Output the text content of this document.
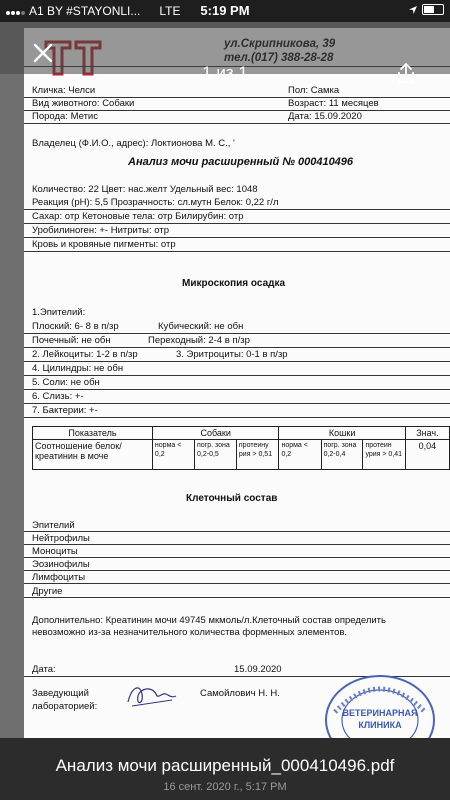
Кличка: Челси	Пол: Самка
Вид животного: Собаки	Возраст: 11 месяцев
Порода: Метис	Дата: 15.09.2020
Владелец (Ф.И.О., адрес): Локтионова М. С., '
Анализ мочи расширенный № 000410496
Количество: 22 Цвет: нас.желт Удельный вес: 1048
Реакция (pH): 5,5 Прозрачность: сл.мутн Белок: 0,22 г/л
Сахар: отр Кетоновые тела: отр Билирубин: отр
Уробилиноген: +- Нитриты: отр
Кровь и кровяные пигменты: отр
Микроскопия осадка
1.Эпителий:
Плоский: 6- 8 в п/зр	Кубический: не обн
Почечный: не обн	Переходный: 2-4 в п/зр
2. Лейкоциты: 1-2 в п/зр	3. Эритроциты: 0-1 в п/зр
4. Цилиндры: не обн
5. Соли: не обн
6. Слизь: +-
7. Бактерии: +-
Показатель	Собаки			Кошки			Знач.
Соотношение белок/креатинин в моче	норма < 0,2	погр. зона 0,2-0,5	протеину рия > 0,51	норма < 0,2	погр. зона 0,2-0,4	протеин урия > 0,41	0,04
Клеточный состав
Эпителий
Нейтрофилы
Моноциты
Эозинофилы
Лимфоциты
Другие
Дополнительно: Креатинин мочи 49745 мкмоль/л.Клеточный состав определить
невозможно из-за незначительного количества форменных элементов.
Дата:	15.09.2020
Заведующий
лабораторией:
Самойлович Н. Н.
ВЕТЕРИНАРНАЯ
КЛИНИКА
A1 BY #STAYONLI... LTE	5:19 PM
1 из 1
Анализ мочи расширенный_000410496.pdf
16 сент. 2020 г., 5:17 PM
